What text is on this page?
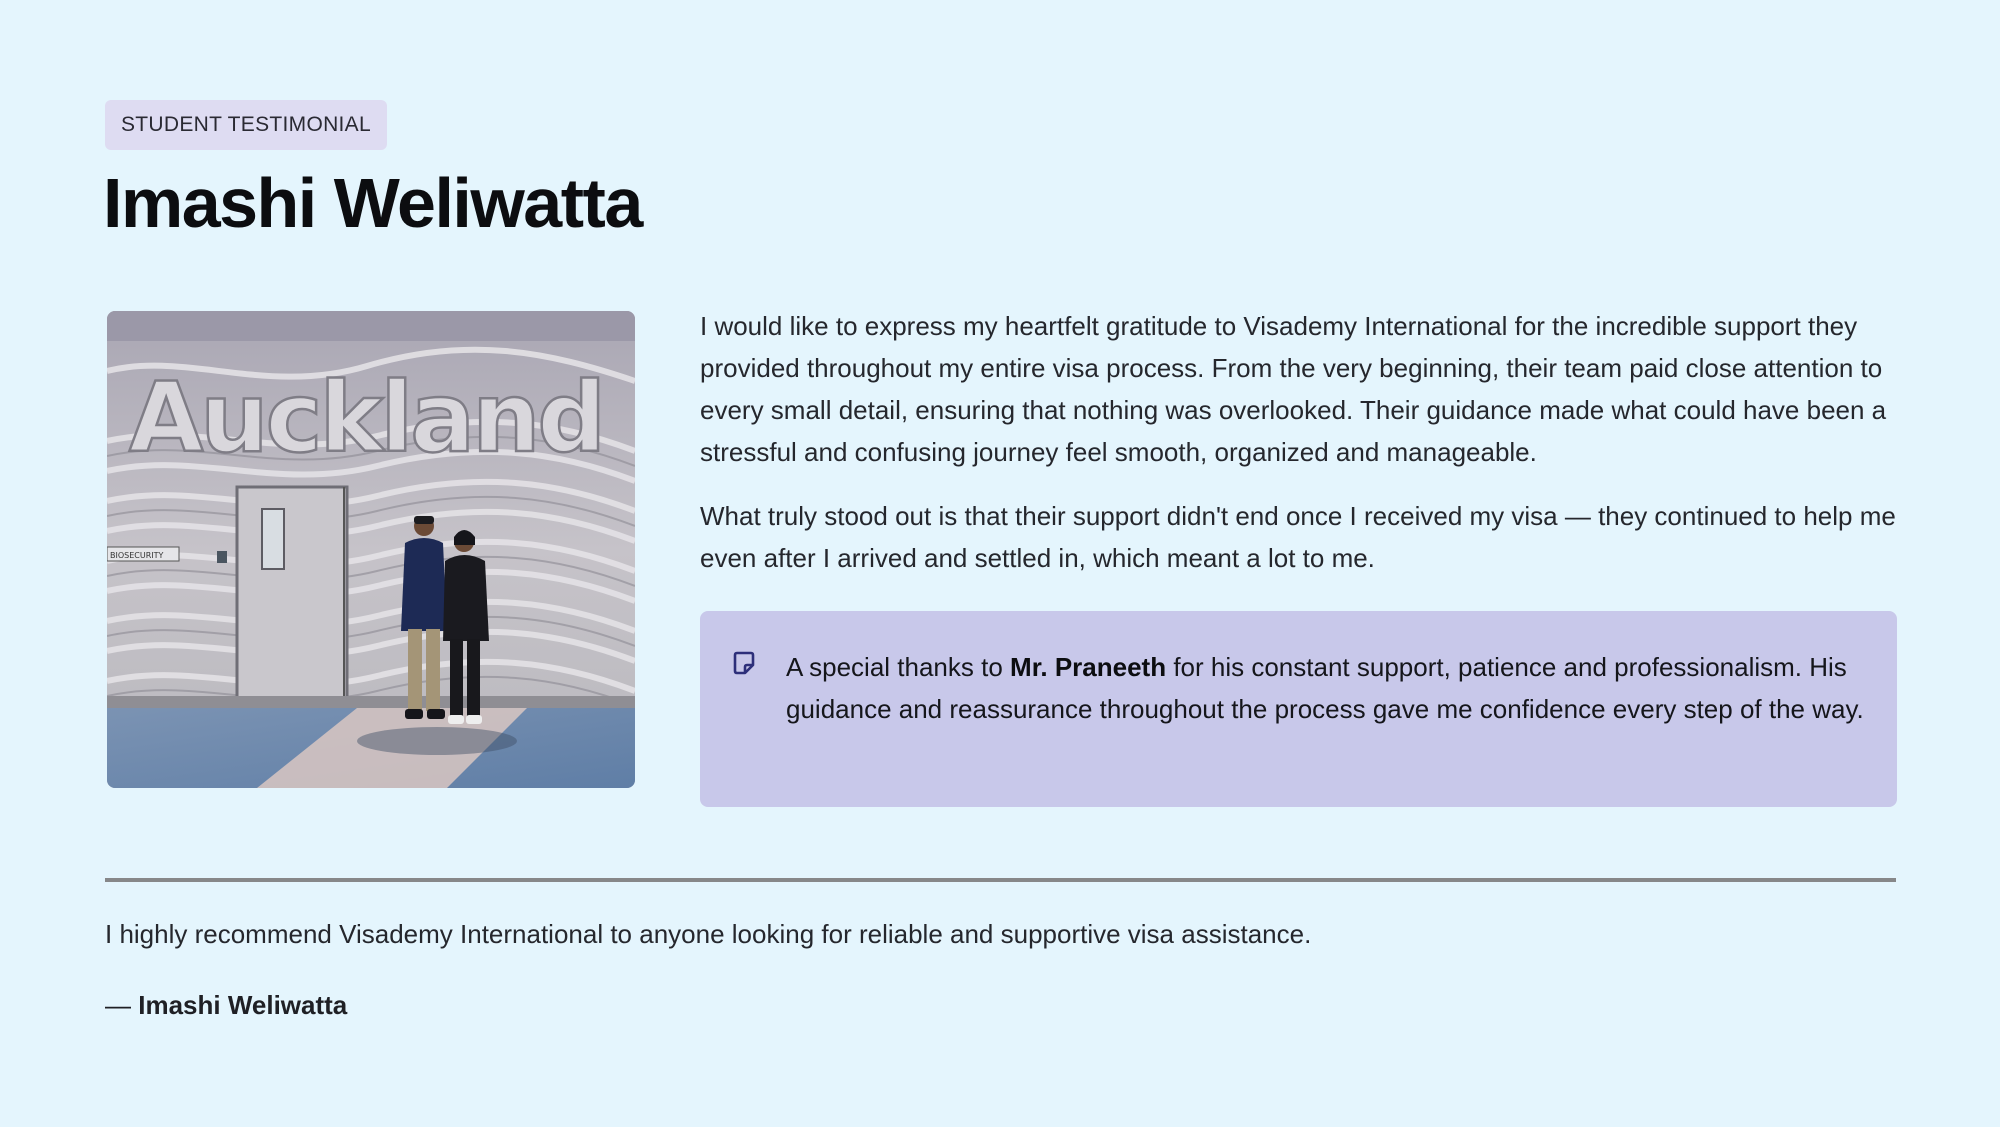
STUDENT TESTIMONIAL
Imashi Weliwatta
Auckland
BIOSECURITY

I would like to express my heartfelt gratitude to Visademy International for the incredible support they provided throughout my entire visa process. From the very beginning, their team paid close attention to every small detail, ensuring that nothing was overlooked. Their guidance made what could have been a stressful and confusing journey feel smooth, organized and manageable.

What truly stood out is that their support didn't end once I received my visa — they continued to help me even after I arrived and settled in, which meant a lot to me.

A special thanks to Mr. Praneeth for his constant support, patience and professionalism. His guidance and reassurance throughout the process gave me confidence every step of the way.

I highly recommend Visademy International to anyone looking for reliable and supportive visa assistance.

— Imashi Weliwatta
